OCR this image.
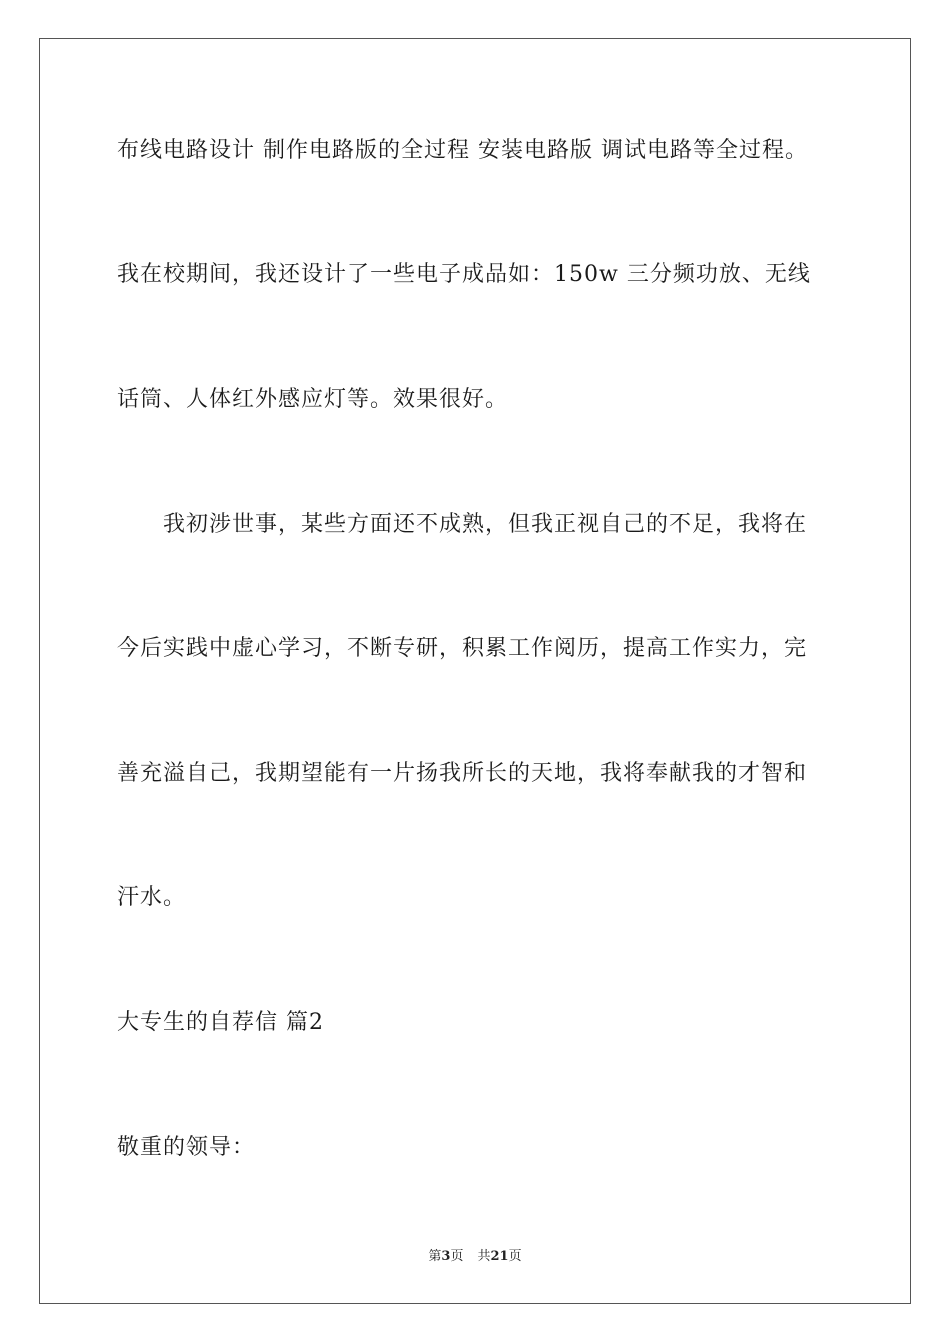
布线电路设计 制作电路版的全过程 安装电路版 调试电路等全过程。
我在校期间，我还设计了一些电子成品如：150w 三分频功放、无线
话筒、人体红外感应灯等。效果很好。
我初涉世事，某些方面还不成熟，但我正视自己的不足，我将在
今后实践中虚心学习，不断专研，积累工作阅历，提高工作实力，完
善充溢自己，我期望能有一片扬我所长的天地，我将奉献我的才智和
汗水。
大专生的自荐信 篇2
敬重的领导：
第3页 共21页
